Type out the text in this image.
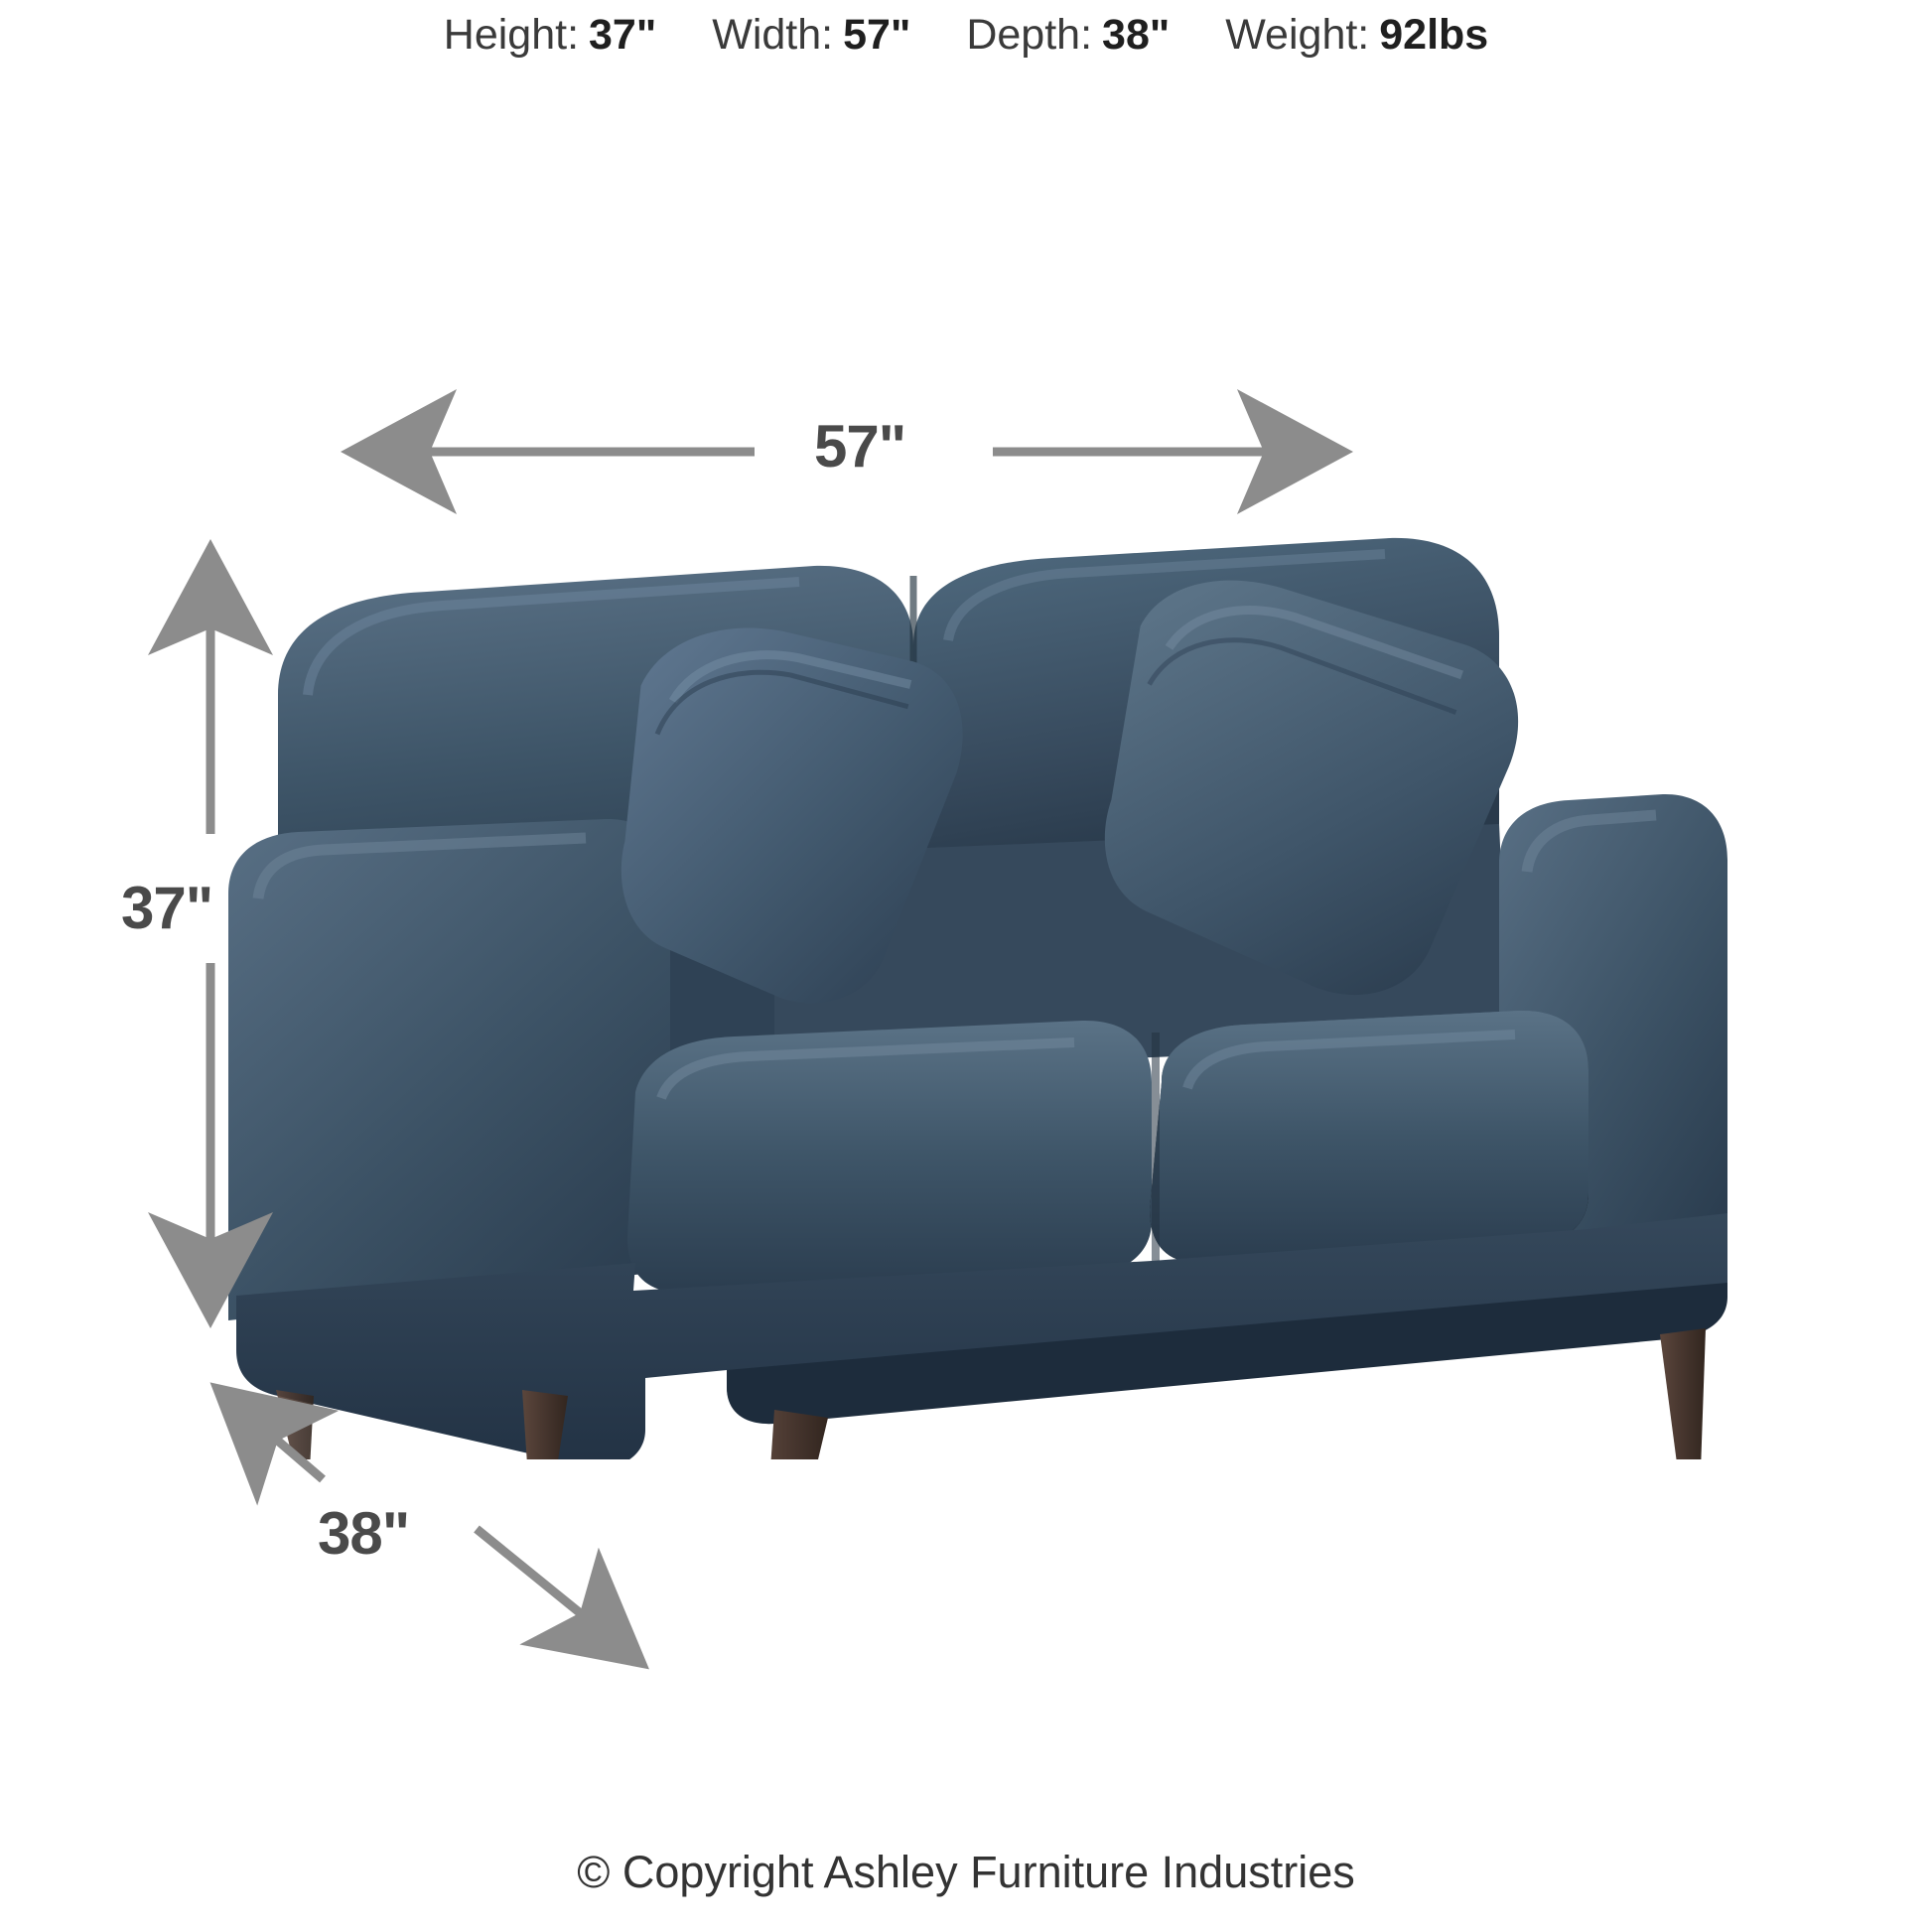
Height: 37" Width: 57" Depth: 38" Weight: 92lbs
57"
37"
38"
© Copyright Ashley Furniture Industries
